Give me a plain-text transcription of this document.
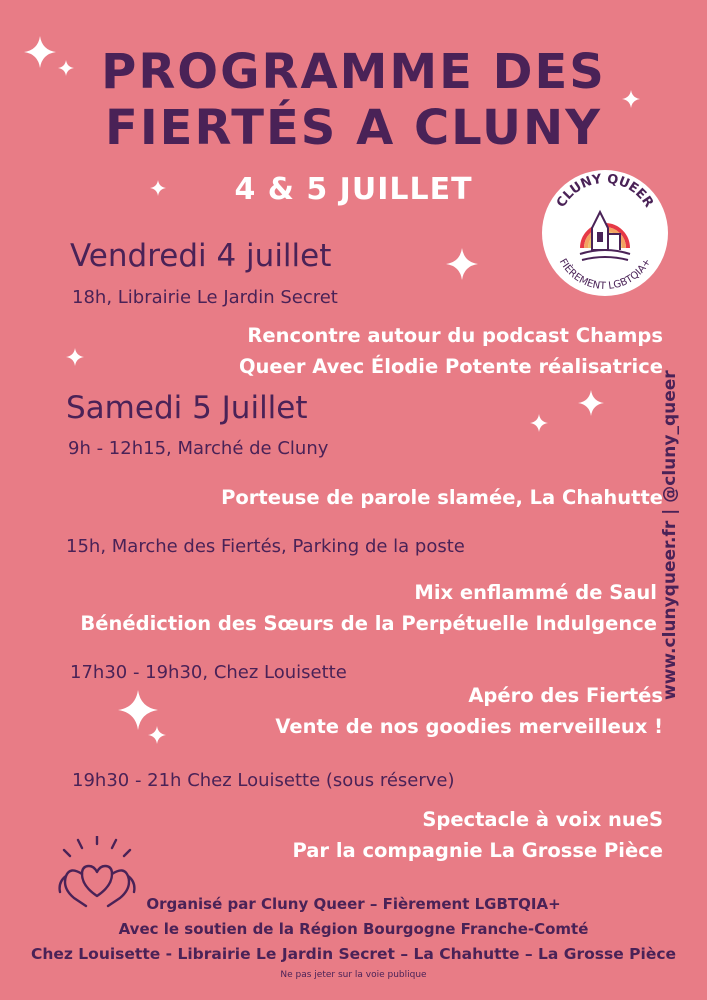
PROGRAMME DES
FIERTÉS A CLUNY
4 & 5 JUILLET	CLUNY QUEER
FIÈREMENT LGBTQIA+
Vendredi 4 juillet
18h, Librairie Le Jardin Secret
Rencontre autour du podcast Champs
Queer Avec Élodie Potente réalisatrice
Samedi 5 Juillet
9h - 12h15, Marché de Cluny
Porteuse de parole slamée, La Chahutte
15h, Marche des Fiertés, Parking de la poste
Mix enflammé de Saul
Bénédiction des Sœurs de la Perpétuelle Indulgence
17h30 - 19h30, Chez Louisette
Apéro des Fiertés
Vente de nos goodies merveilleux !
19h30 - 21h Chez Louisette (sous réserve)
Spectacle à voix nueS
Par la compagnie La Grosse Pièce
www.clunyqueer.fr | @cluny_queer
Organisé par Cluny Queer – Fièrement LGBTQIA+
Avec le soutien de la Région Bourgogne Franche-Comté
Chez Louisette - Librairie Le Jardin Secret – La Chahutte – La Grosse Pièce
Ne pas jeter sur la voie publique
